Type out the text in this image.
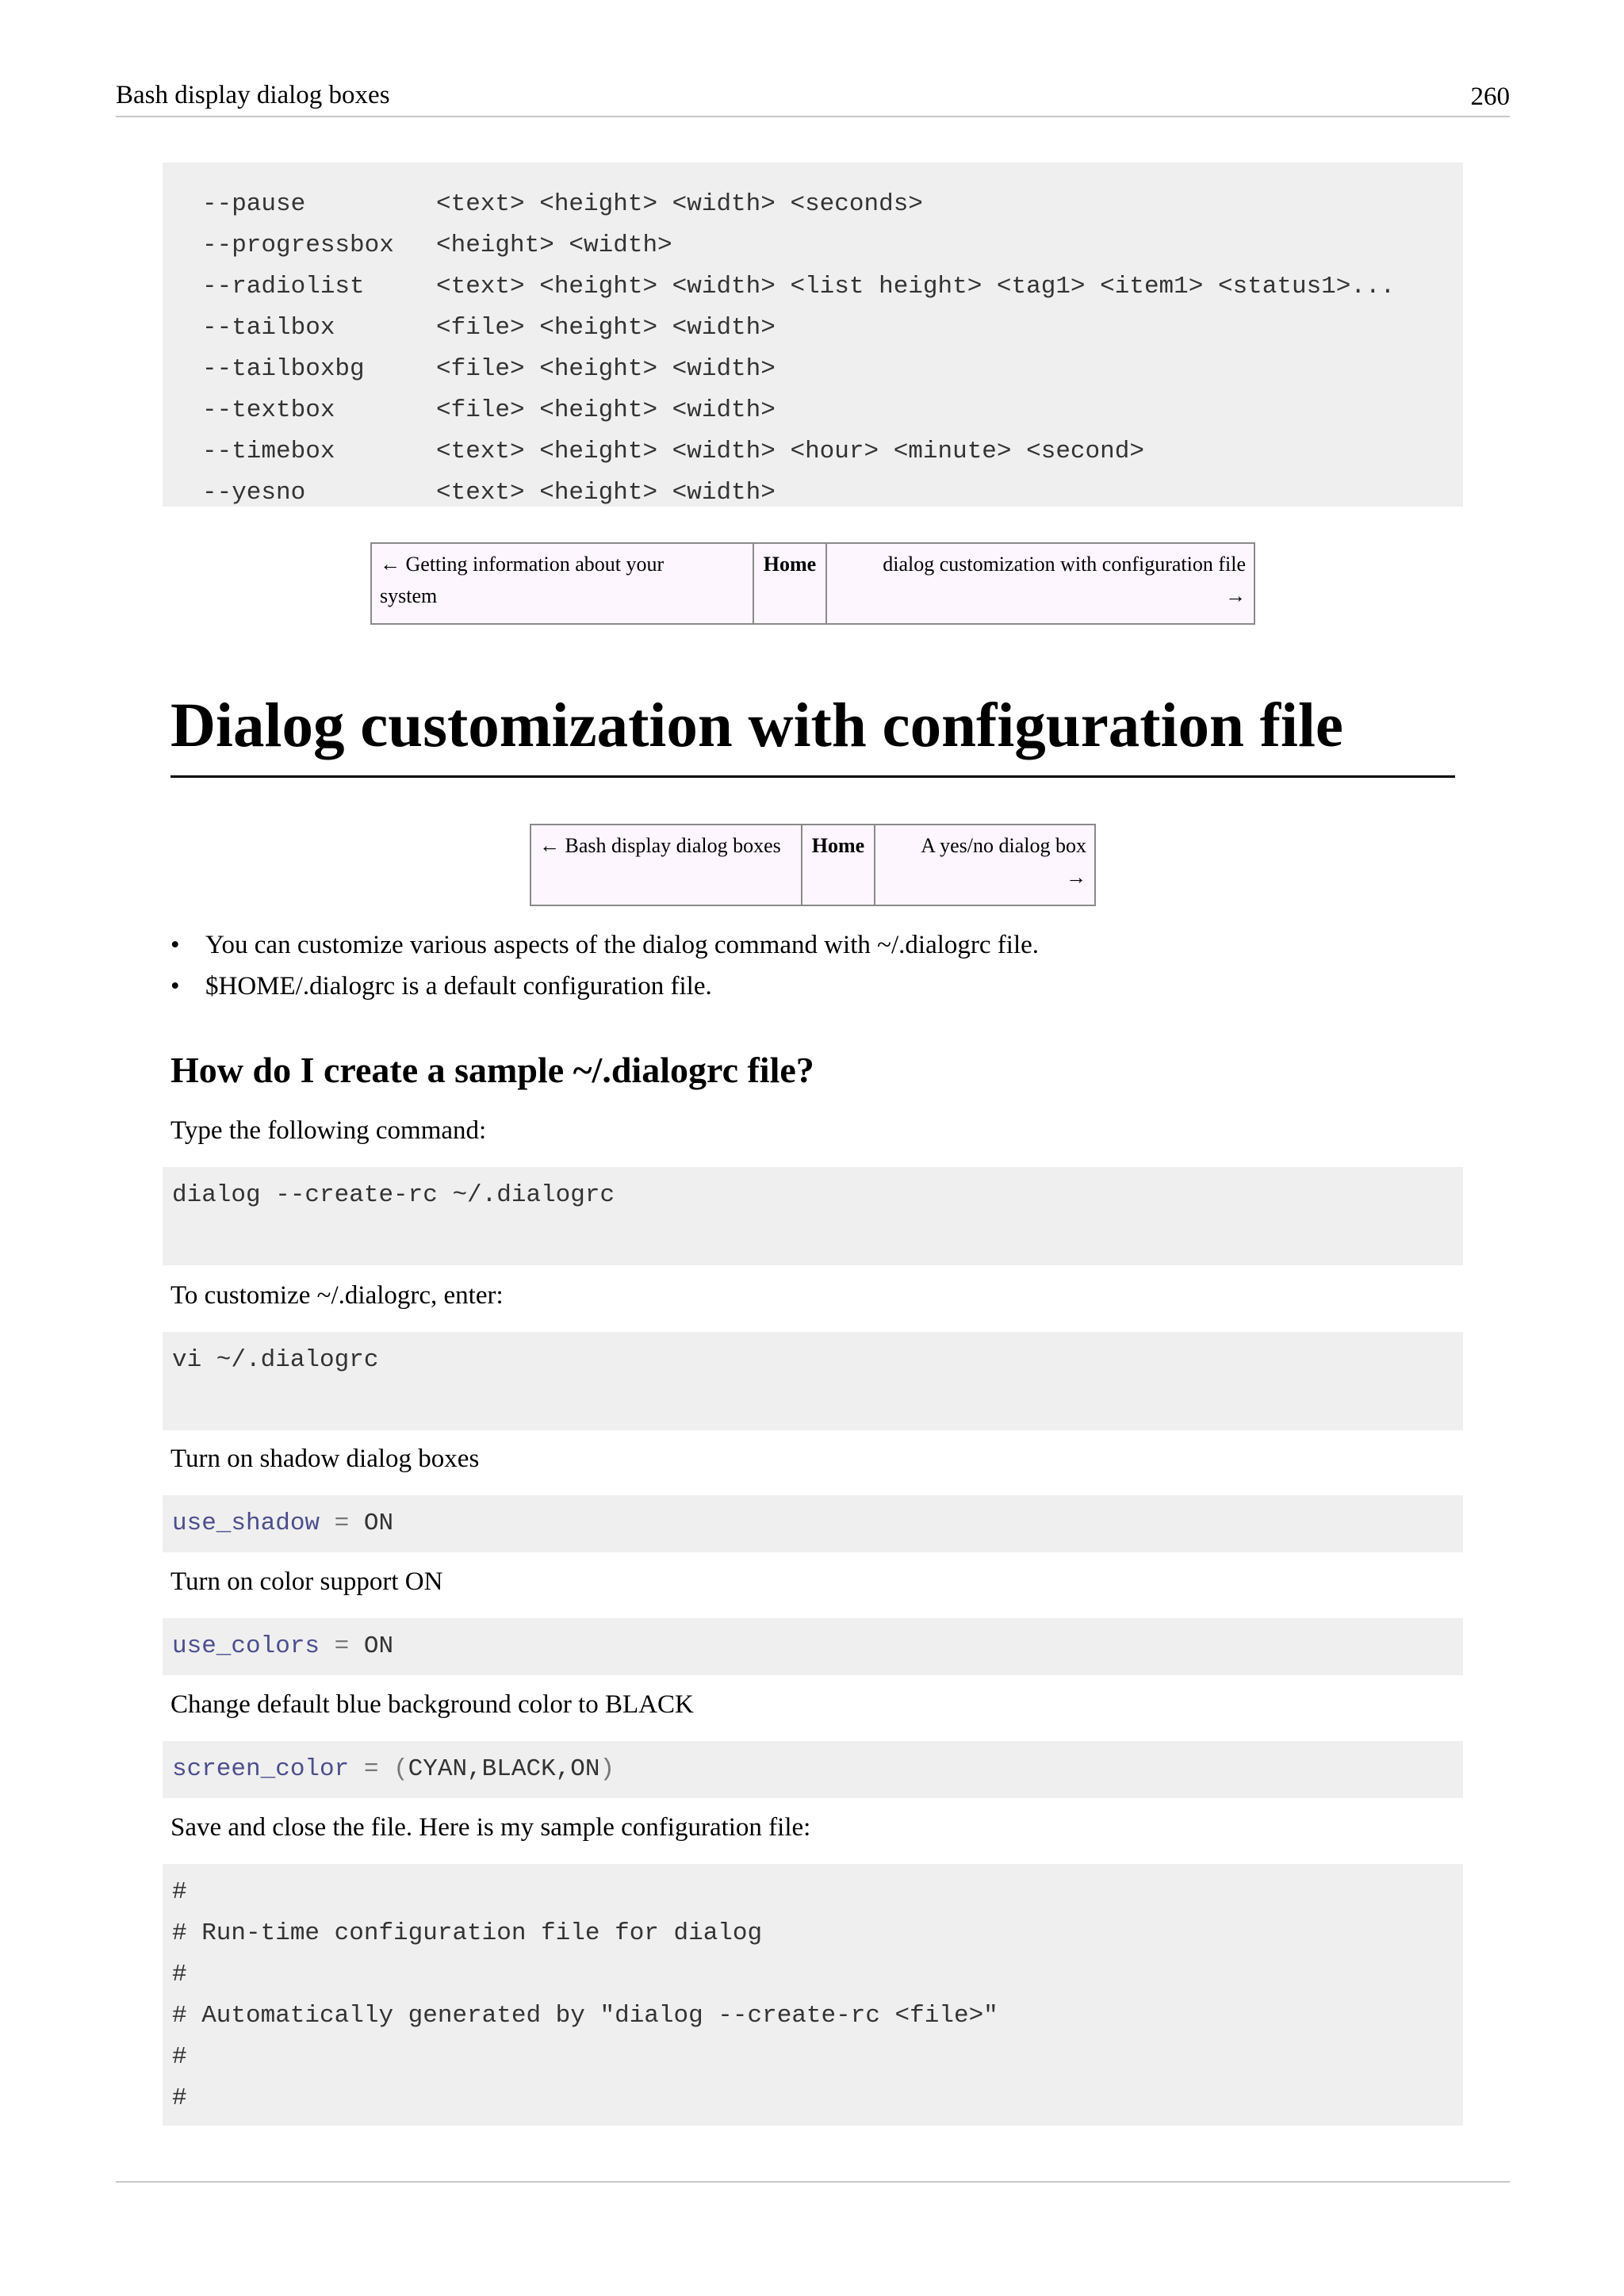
Bash display dialog boxes	260
--pause	<text> <height> <width> <seconds>
--progressbox <height> <width>
--radiolist	<text> <height> <width> <list height> <tag1> <item1> <status1>...
--tailbox	<file> <height> <width>
--tailboxbg	<file> <height> <width>
--textbox	<file> <height> <width>
--timebox	<text> <height> <width> <hour> <minute> <second>
--yesno	<text> <height> <width>
← Getting information about your
system
	Home	dialog customization with configuration file
→
Dialog customization with configuration file
← Bash display dialog boxes	Home	A yes/no dialog box
→
• You can customize various aspects of the dialog command with ~/.dialogrc file.
• $HOME/.dialogrc is a default configuration file.
How do I create a sample ~/.dialogrc file?
Type the following command:
dialog --create-rc ~/.dialogrc
To customize ~/.dialogrc, enter:
vi ~/.dialogrc
Turn on shadow dialog boxes
use_shadow = ON
Turn on color support ON
use_colors = ON
Change default blue background color to BLACK
screen_color = (CYAN,BLACK,ON)
Save and close the file. Here is my sample configuration file:
#
# Run-time configuration file for dialog
#
# Automatically generated by "dialog --create-rc <file>"
#
#
